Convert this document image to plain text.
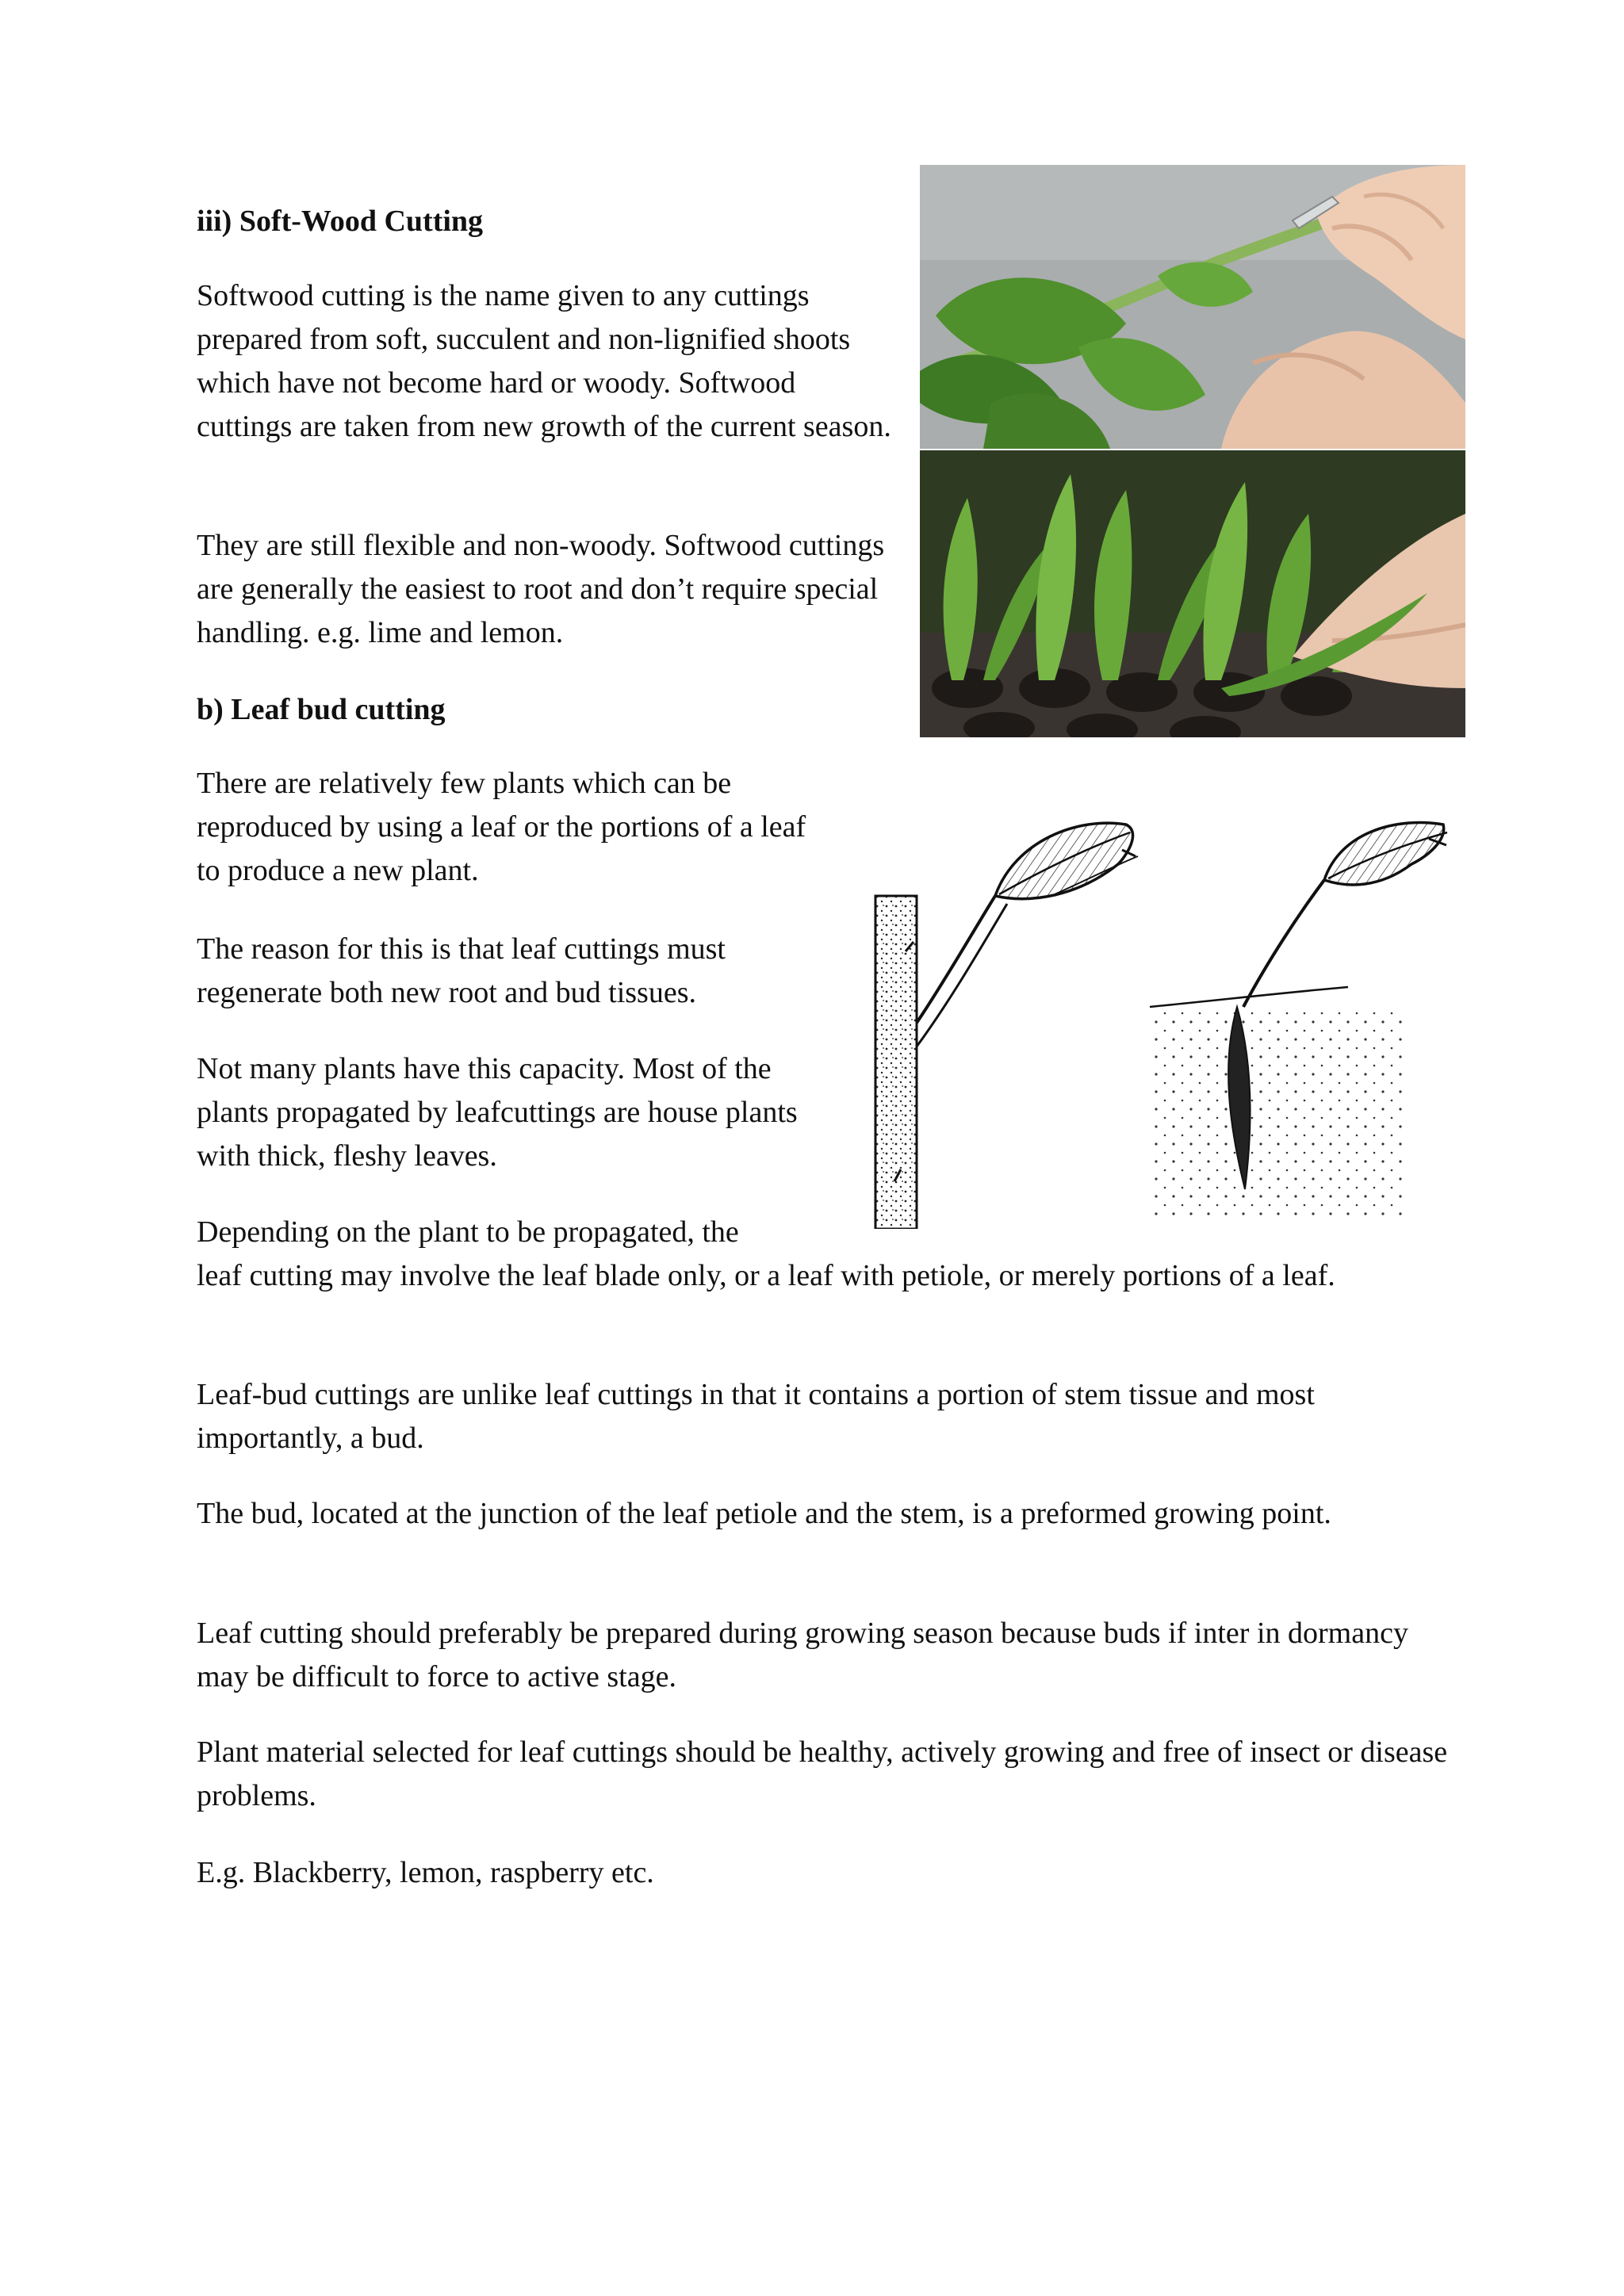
iii) Soft-Wood Cutting

Softwood cutting is the name given to any cuttings prepared from soft, succulent and non-lignified shoots which have not become hard or woody. Softwood cuttings are taken from new growth of the current season.

They are still flexible and non-woody. Softwood cuttings are generally the easiest to root and don’t require special handling. e.g. lime and lemon.

b) Leaf bud cutting

There are relatively few plants which can be reproduced by using a leaf or the portions of a leaf to produce a new plant.

The reason for this is that leaf cuttings must regenerate both new root and bud tissues.

Not many plants have this capacity. Most of the plants propagated by leafcuttings are house plants with thick, fleshy leaves.

Depending on the plant to be propagated, the

leaf cutting may involve the leaf blade only, or a leaf with petiole, or merely portions of a leaf.

Leaf-bud cuttings are unlike leaf cuttings in that it contains a portion of stem tissue and most importantly, a bud.

The bud, located at the junction of the leaf petiole and the stem, is a preformed growing point.

Leaf cutting should preferably be prepared during growing season because buds if inter in dormancy may be difficult to force to active stage.

Plant material selected for leaf cuttings should be healthy, actively growing and free of insect or disease problems.

E.g. Blackberry, lemon, raspberry etc.
